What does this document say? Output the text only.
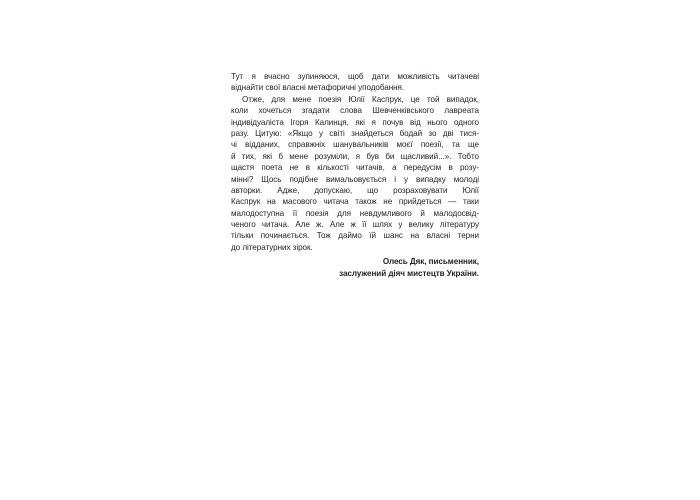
Тут я вчасно зупиняюся, щоб дати можливість читачеві
віднайти свої власні метафоричні уподобання.
Отже, для мене поезія Юлії Каспрук, це той випадок,
коли хочеться згадати слова Шевченківського лавреата
індивідуаліста Ігоря Калинця, які я почув від нього одного
разу. Цитую: «Якщо у світі знайдеться бодай зо дві тися-
чі відданих, справжніх шанувальників моєї поезії, та ще
й тих, які б мене розуміли, я був би щасливий...». Тобто
щастя поета не в кількості читачів, а передусім в розу-
мінні? Щось подібне вимальовується і у випадку молоді
авторки. Адже, допускаю, що розраховувати Юлії
Каспрук на масового читача також не прийдеться — таки
малодоступна її поезія для невдумливого й малодосвід-
ченого читача. Але ж. Але ж її шлях у велику літературу
тільки починається. Тож даймо їй шанс на власні терни
до літературних зірок.
Олесь Дяк, письменник,
заслужений діяч мистецтв України.
